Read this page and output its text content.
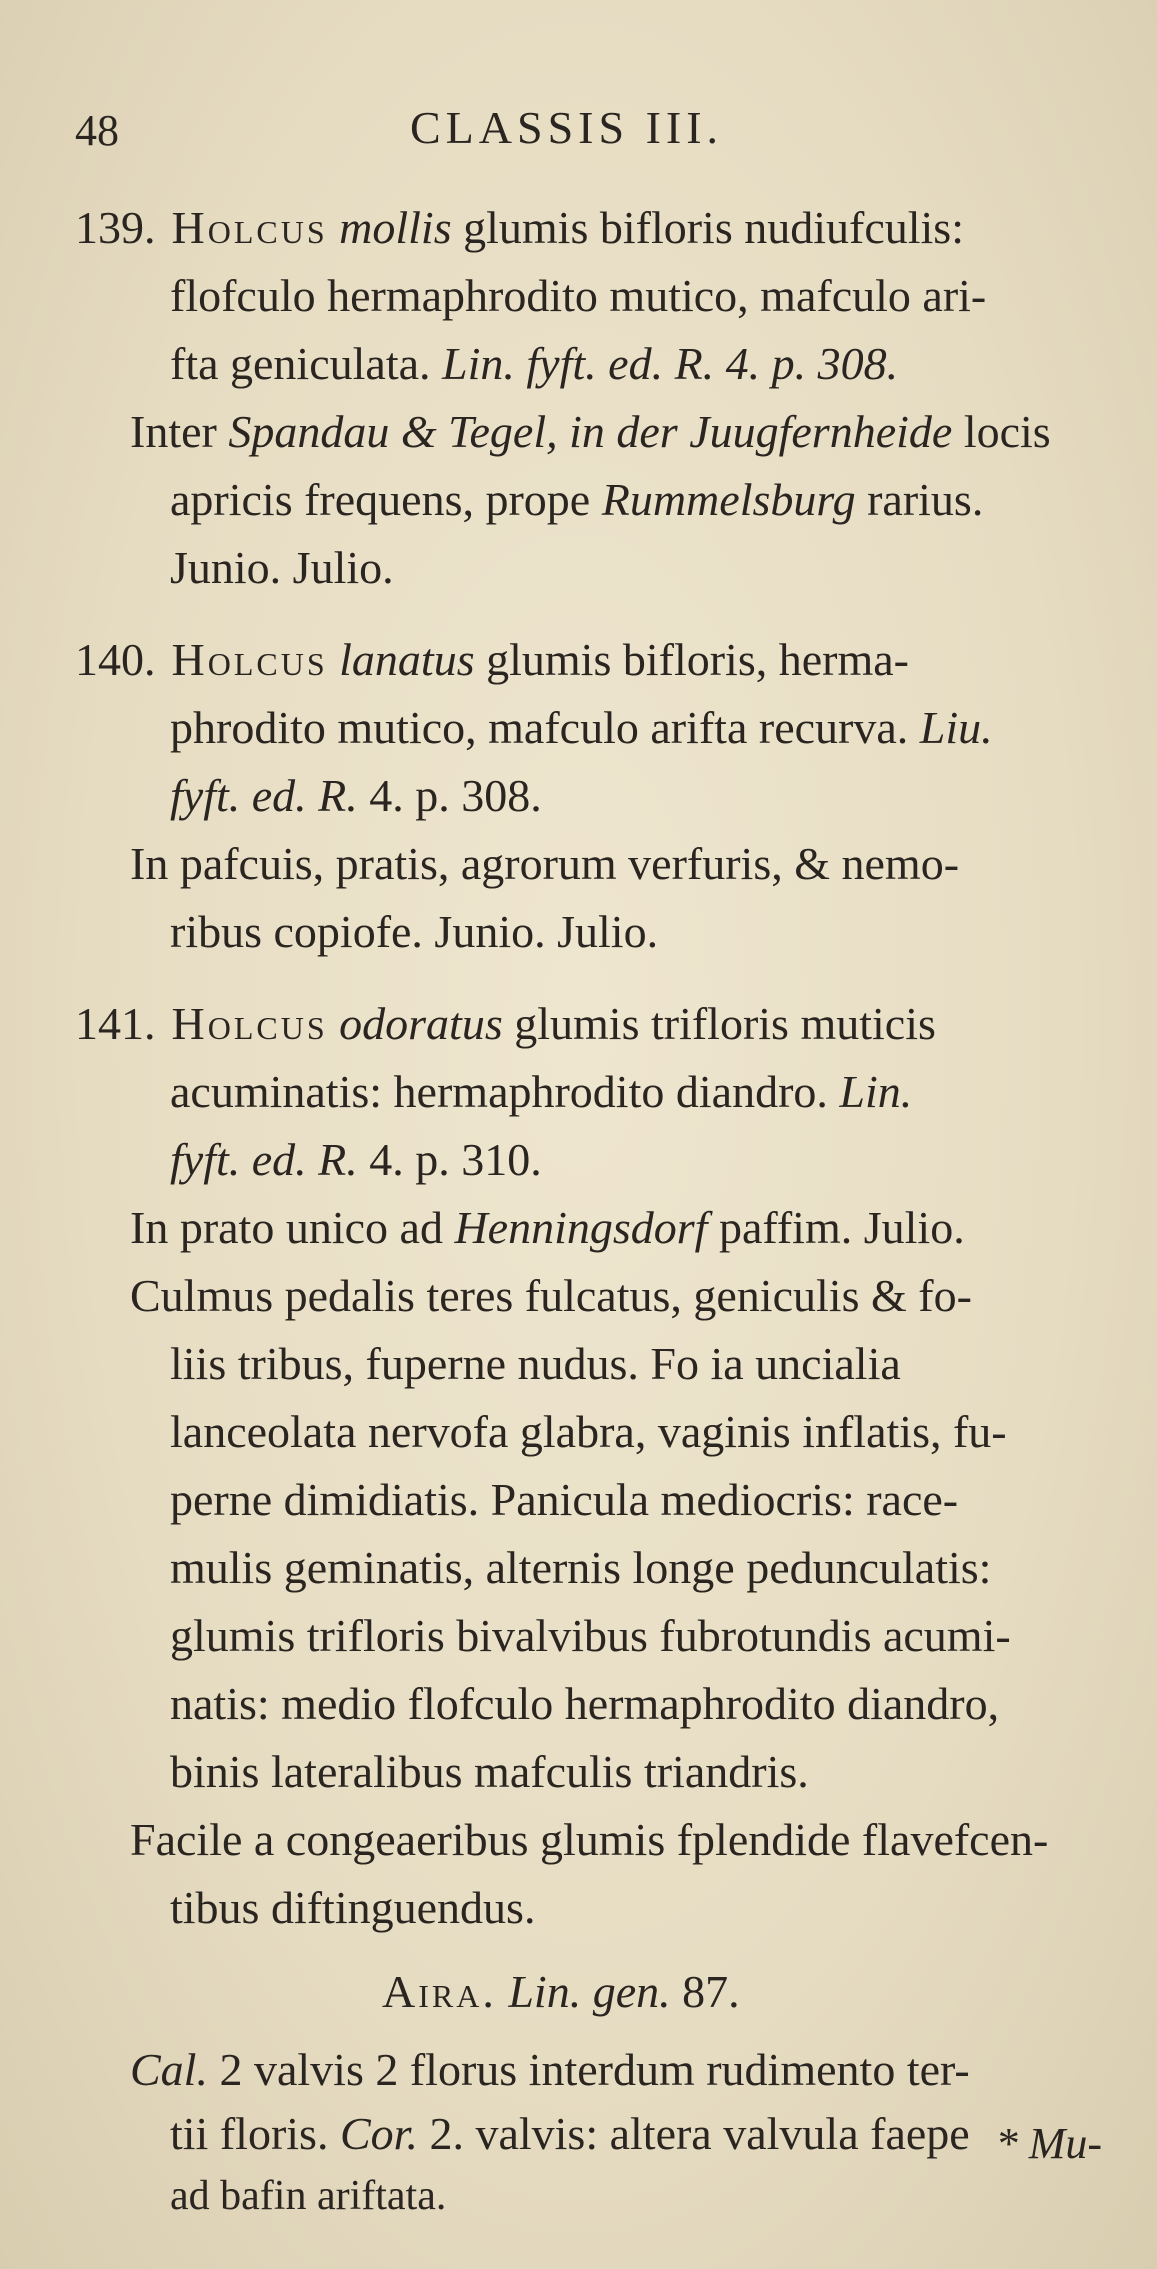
48	CLASSIS III.
139. Holcus mollis glumis bifloris nudiufculis:
flofculo hermaphrodito mutico, mafculo ari-
fta geniculata. Lin. fyft. ed. R. 4. p. 308.
Inter Spandau & Tegel, in der Juugfernheide locis
apricis frequens, prope Rummelsburg rarius.
Junio. Julio.
140. Holcus lanatus glumis bifloris, herma-
phrodito mutico, mafculo arifta recurva. Liu.
fyft. ed. R. 4. p. 308.
In pafcuis, pratis, agrorum verfuris, & nemo-
ribus copiofe. Junio. Julio.
141. Holcus odoratus glumis trifloris muticis
acuminatis: hermaphrodito diandro. Lin.
fyft. ed. R. 4. p. 310.
In prato unico ad Henningsdorf paffim. Julio.
Culmus pedalis teres fulcatus, geniculis & fo-
liis tribus, fuperne nudus. Fo ia uncialia
lanceolata nervofa glabra, vaginis inflatis, fu-
perne dimidiatis. Panicula mediocris: race-
mulis geminatis, alternis longe pedunculatis:
glumis trifloris bivalvibus fubrotundis acumi-
natis: medio flofculo hermaphrodito diandro,
binis lateralibus mafculis triandris.
Facile a congeaeribus glumis fplendide flavefcen-
tibus diftinguendus.
Aira. Lin. gen. 87.
Cal. 2 valvis 2 florus interdum rudimento ter-
tii floris. Cor. 2. valvis: altera valvula faepe
ad bafin ariftata.
* Mu-
